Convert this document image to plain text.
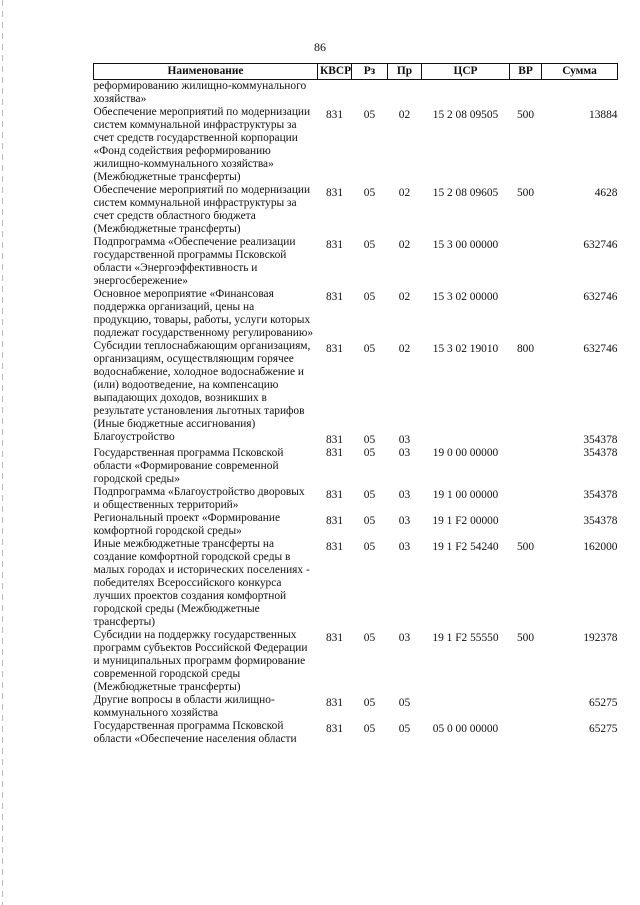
86
Наименование	КВСР	Рз	Пр	ЦСР	ВР	Сумма
реформированию жилищно-коммунального хозяйства»						
Обеспечение мероприятий по модернизации систем коммунальной инфраструктуры за счет средств государственной корпорации «Фонд содействия реформированию жилищно-коммунального хозяйства» (Межбюджетные трансферты)	831	05	02	15 2 08 09505	500	13884
Обеспечение мероприятий по модернизации систем коммунальной инфраструктуры за счет средств областного бюджета (Межбюджетные трансферты)	831	05	02	15 2 08 09605	500	4628
Подпрограмма «Обеспечение реализации государственной программы Псковской области «Энергоэффективность и энергосбережение»	831	05	02	15 3 00 00000		632746
Основное мероприятие «Финансовая поддержка организаций, цены на продукцию, товары, работы, услуги которых подлежат государственному регулированию»	831	05	02	15 3 02 00000		632746
Субсидии теплоснабжающим организациям, организациям, осуществляющим горячее водоснабжение, холодное водоснабжение и (или) водоотведение, на компенсацию выпадающих доходов, возникших в результате установления льготных тарифов (Иные бюджетные ассигнования)	831	05	02	15 3 02 19010	800	632746
Благоустройство	831	05	03			354378
Государственная программа Псковской области «Формирование современной городской среды»	831	05	03	19 0 00 00000		354378
Подпрограмма «Благоустройство дворовых и общественных территорий»	831	05	03	19 1 00 00000		354378
Региональный проект «Формирование комфортной городской среды»	831	05	03	19 1 F2 00000		354378
Иные межбюджетные трансферты на создание комфортной городской среды в малых городах и исторических поселениях - победителях Всероссийского конкурса лучших проектов создания комфортной городской среды (Межбюджетные трансферты)	831	05	03	19 1 F2 54240	500	162000
Субсидии на поддержку государственных программ субъектов Российской Федерации и муниципальных программ формирование современной городской среды (Межбюджетные трансферты)	831	05	03	19 1 F2 55550	500	192378
Другие вопросы в области жилищно-коммунального хозяйства	831	05	05			65275
Государственная программа Псковской области «Обеспечение населения области	831	05	05	05 0 00 00000		65275
